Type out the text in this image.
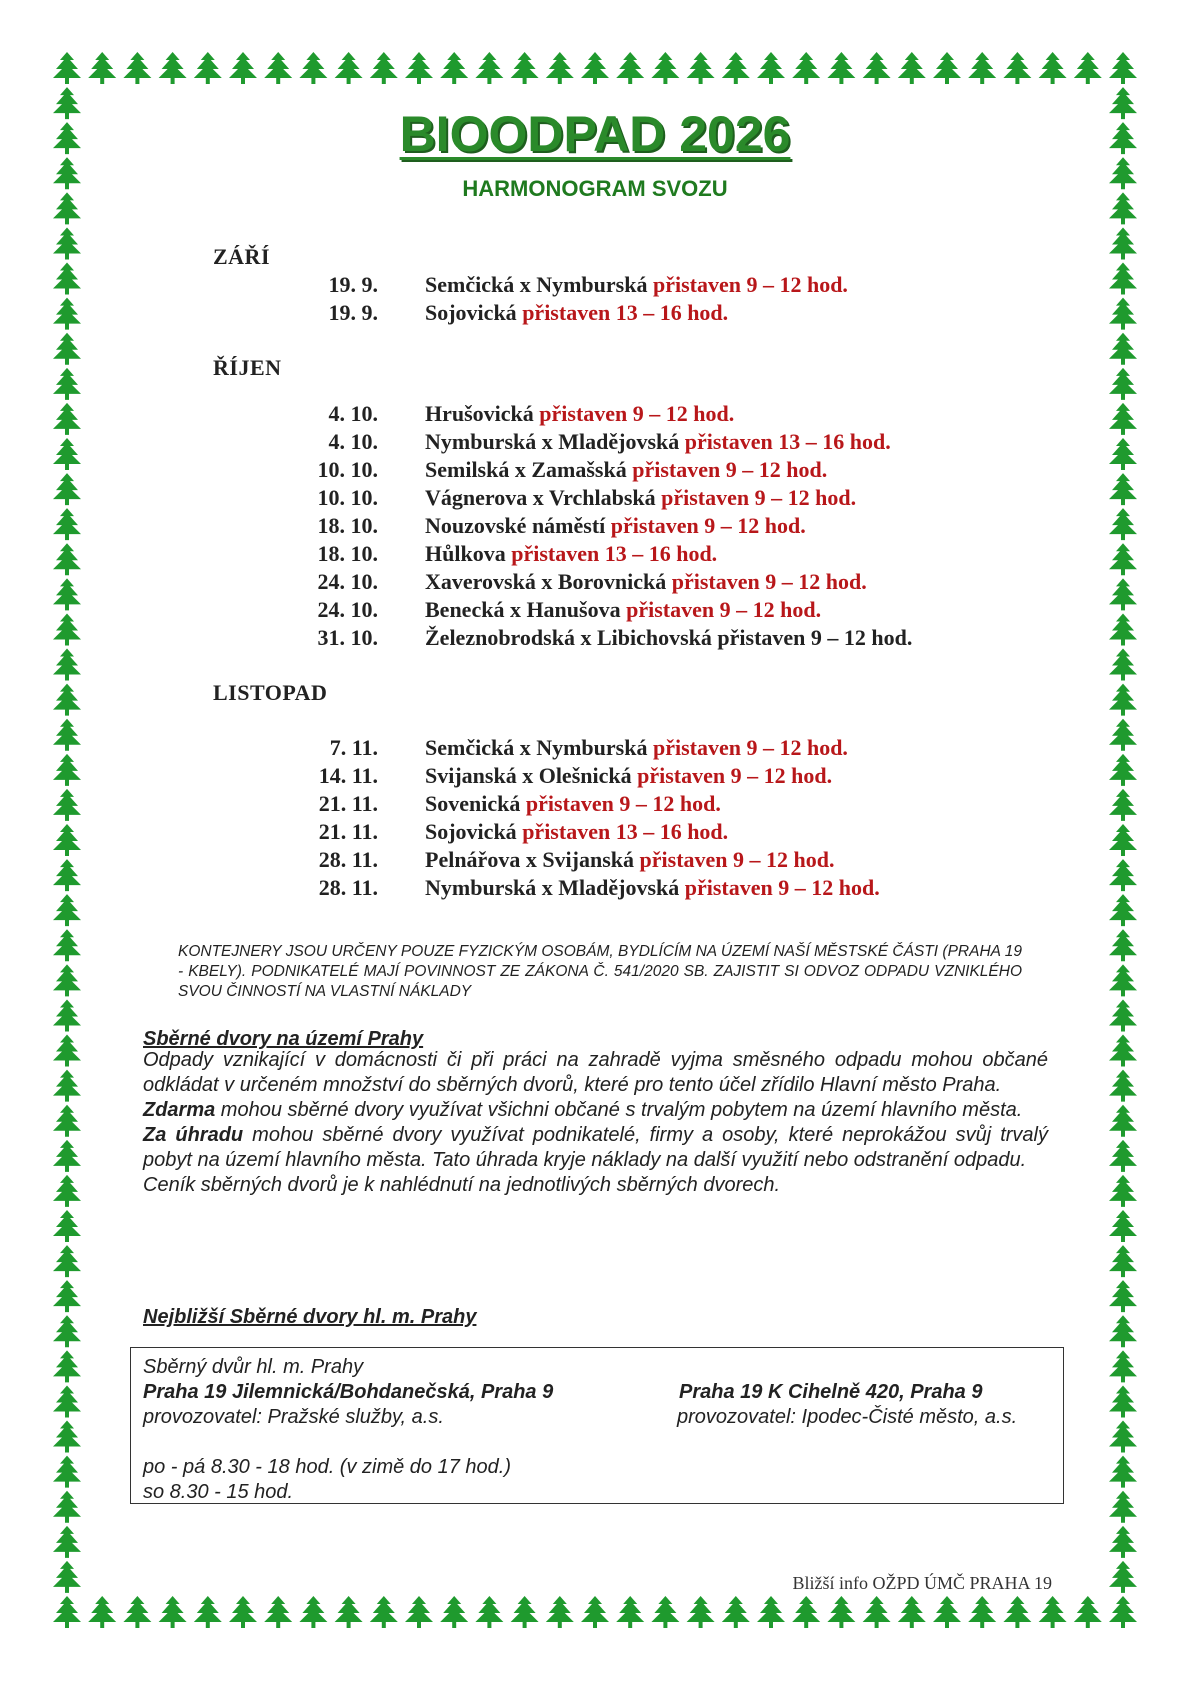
BIOODPAD 2026
HARMONOGRAM SVOZU
ZÁŘÍ
19. 9. Semčická x Nymburská přistaven 9 – 12 hod.
19. 9. Sojovická přistaven 13 – 16 hod.
ŘÍJEN
4. 10. Hrušovická přistaven 9 – 12 hod.
4. 10. Nymburská x Mladějovská přistaven 13 – 16 hod.
10. 10. Semilská x Zamašská přistaven 9 – 12 hod.
10. 10. Vágnerova x Vrchlabská přistaven 9 – 12 hod.
18. 10. Nouzovské náměstí přistaven 9 – 12 hod.
18. 10. Hůlkova přistaven 13 – 16 hod.
24. 10. Xaverovská x Borovnická přistaven 9 – 12 hod.
24. 10. Benecká x Hanušova přistaven 9 – 12 hod.
31. 10. Železnobrodská x Libichovská přistaven 9 – 12 hod.
LISTOPAD
7. 11. Semčická x Nymburská přistaven 9 – 12 hod.
14. 11. Svijanská x Olešnická přistaven 9 – 12 hod.
21. 11. Sovenická přistaven 9 – 12 hod.
21. 11. Sojovická přistaven 13 – 16 hod.
28. 11. Pelnářova x Svijanská přistaven 9 – 12 hod.
28. 11. Nymburská x Mladějovská přistaven 9 – 12 hod.
KONTEJNERY JSOU URČENY POUZE FYZICKÝM OSOBÁM, BYDLÍCÍM NA ÚZEMÍ NAŠÍ MĚSTSKÉ ČÁSTI (PRAHA 19 - KBELY). PODNIKATELÉ MAJÍ POVINNOST ZE ZÁKONA Č. 541/2020 SB. ZAJISTIT SI ODVOZ ODPADU VZNIKLÉHO SVOU ČINNOSTÍ NA VLASTNÍ NÁKLADY
Sběrné dvory na území Prahy

Odpady vznikající v domácnosti či při práci na zahradě vyjma směsného odpadu mohou občané odkládat v určeném množství do sběrných dvorů, které pro tento účel zřídilo Hlavní město Praha.

Zdarma mohou sběrné dvory využívat všichni občané s trvalým pobytem na území hlavního města.

Za úhradu mohou sběrné dvory využívat podnikatelé, firmy a osoby, které neprokážou svůj trvalý pobyt na území hlavního města. Tato úhrada kryje náklady na další využití nebo odstranění odpadu.

Ceník sběrných dvorů je k nahlédnutí na jednotlivých sběrných dvorech.

Nejbližší Sběrné dvory hl. m. Prahy
Sběrný dvůr hl. m. Prahy
Praha 19 Jilemnická/Bohdanečská, Praha 9	Praha 19 K Cihelně 420, Praha 9
provozovatel: Pražské služby, a.s.	provozovatel: Ipodec-Čisté město, a.s.
po - pá 8.30 - 18 hod. (v zimě do 17 hod.)
so 8.30 - 15 hod.
Bližší info OŽPD ÚMČ PRAHA 19
